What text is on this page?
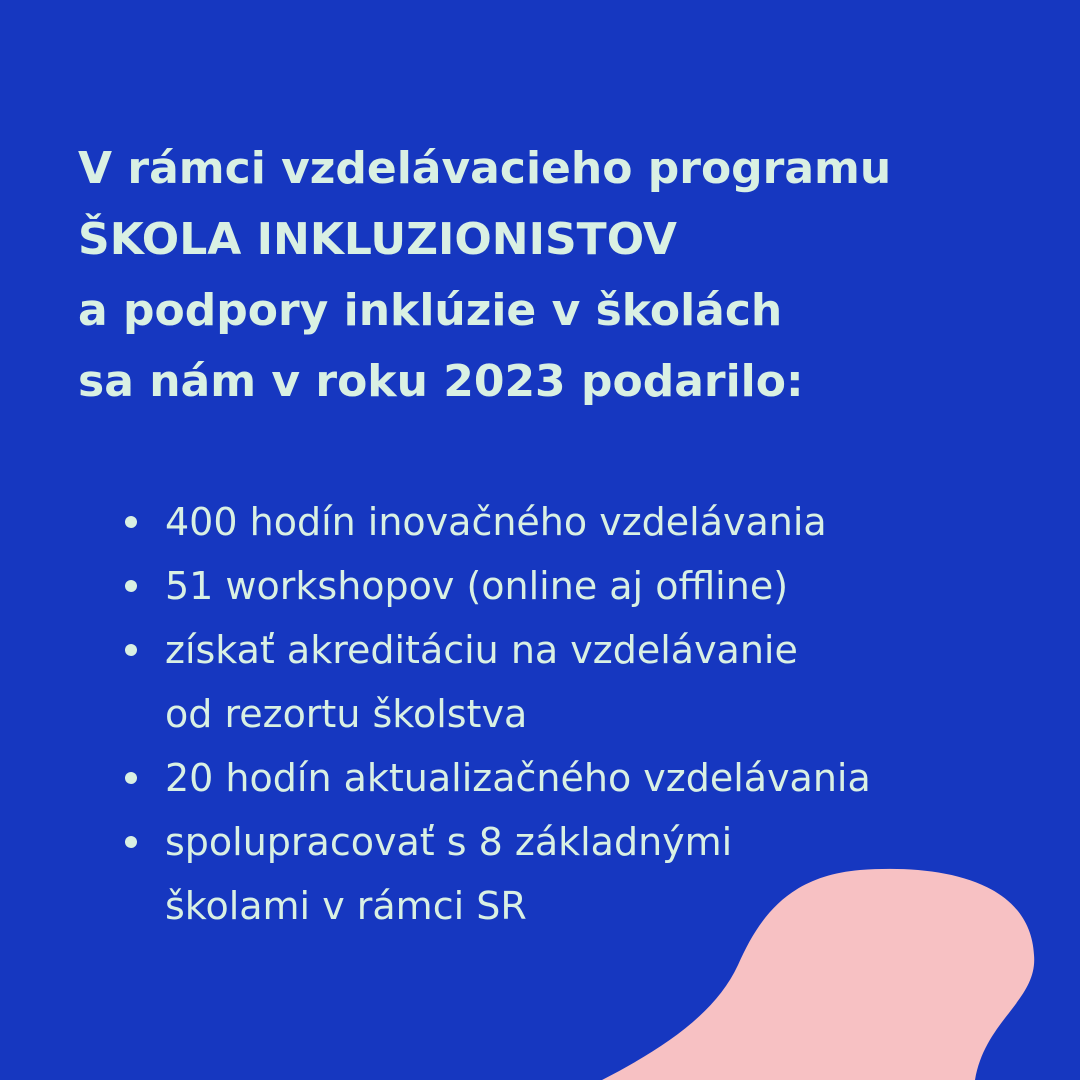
V rámci vzdelávacieho programu
ŠKOLA INKLUZIONISTOV
a podpory inklúzie v školách
sa nám v roku 2023 podarilo:
400 hodín inovačného vzdelávania
51 workshopov (online aj offline)
získať akreditáciu na vzdelávanie
od rezortu školstva
20 hodín aktualizačného vzdelávania
spolupracovať s 8 základnými
školami v rámci SR
